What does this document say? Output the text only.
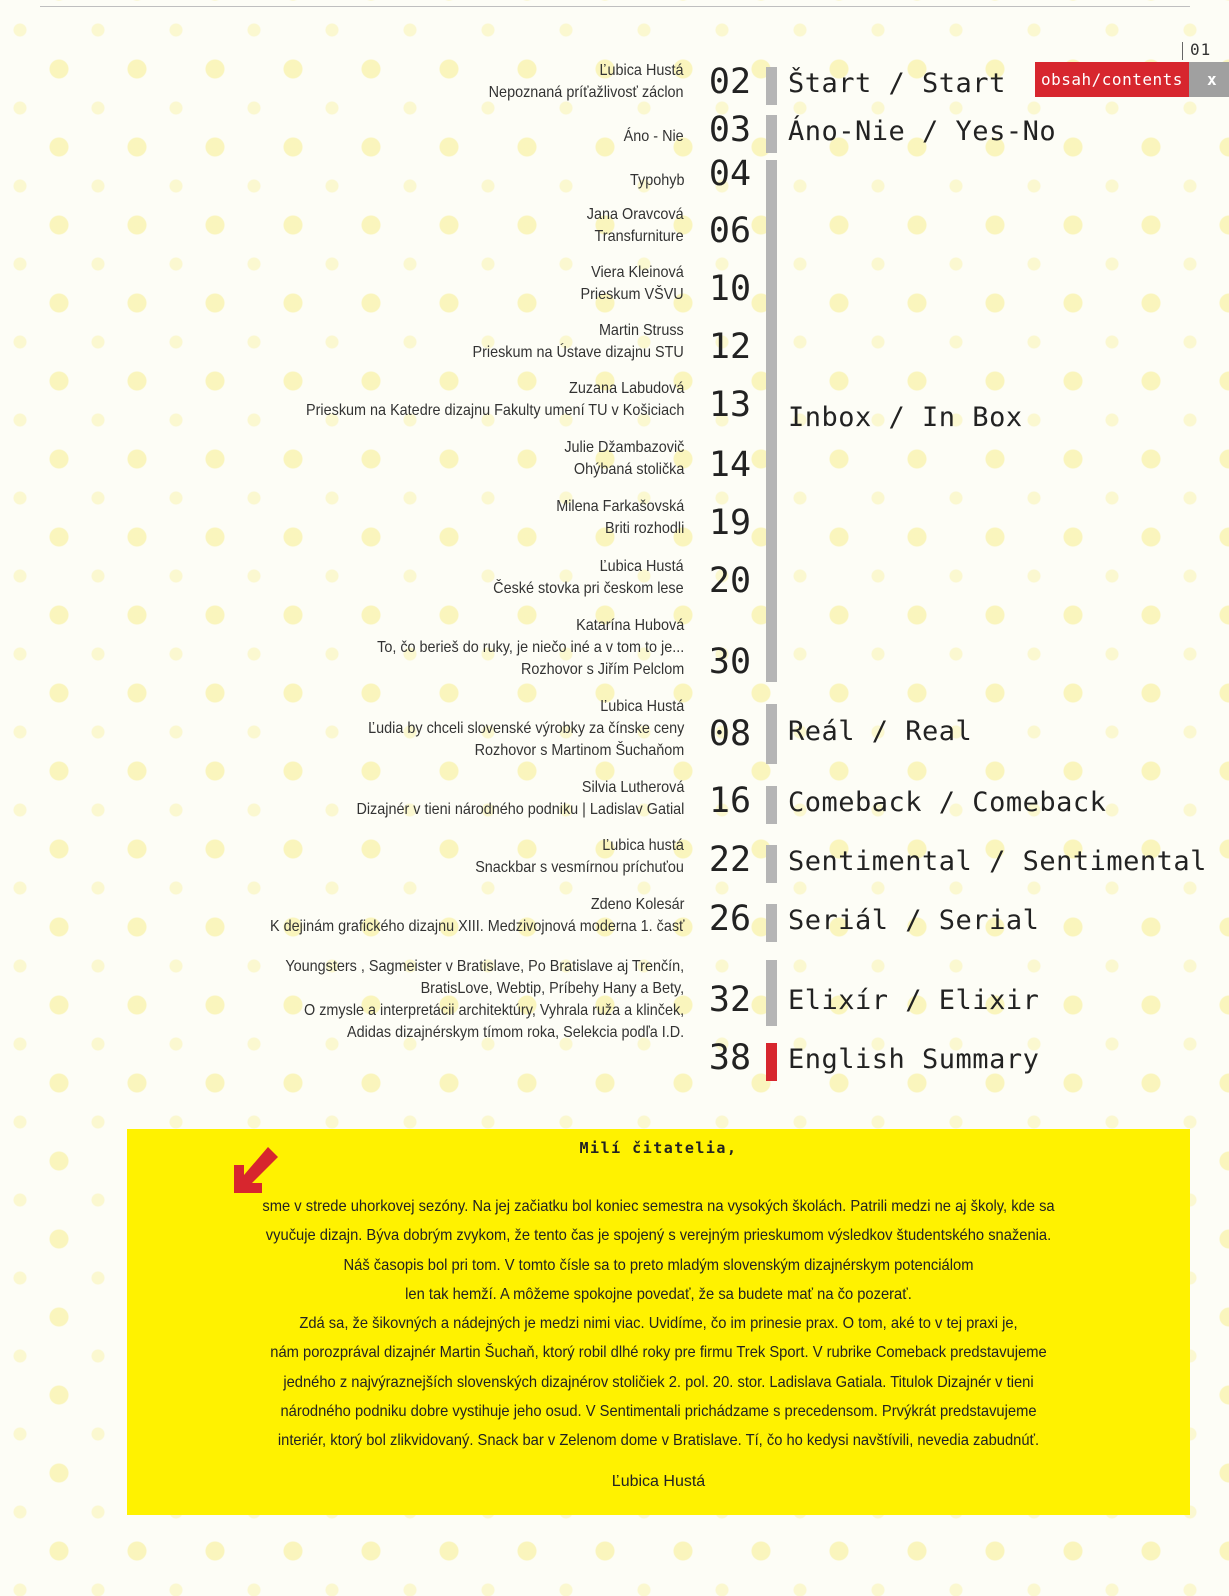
01
obsah/contents	x
Ľubica Hustá
Nepoznaná príťažlivosť záclon 02 Štart / Start
Áno - Nie 03 Áno-Nie / Yes-No
Typohyb 04
Jana Oravcová
Transfurniture 06
Viera Kleinová
Prieskum VŠVU 10
Martin Struss
Prieskum na Ústave dizajnu STU 12
Zuzana Labudová
Prieskum na Katedre dizajnu Fakulty umení TU v Košiciach 13 Inbox / In Box
Julie Džambazovič
Ohýbaná stolička 14
Milena Farkašovská
Briti rozhodli 19
Ľubica Hustá
České stovka pri českom lese 20
Katarína Hubová
To, čo berieš do ruky, je niečo iné a v tom to je...
Rozhovor s Jiřím Pelclom 30
Ľubica Hustá
Ľudia by chceli slovenské výrobky za čínske ceny
Rozhovor s Martinom Šuchaňom 08 Reál / Real
Silvia Lutherová
Dizajnér v tieni národného podniku | Ladislav Gatial 16 Comeback / Comeback
Ľubica hustá
Snackbar s vesmírnou príchuťou 22 Sentimental / Sentimental
Zdeno Kolesár
K dejinám grafického dizajnu XIII. Medzivojnová moderna 1. časť 26 Seriál / Serial
Youngsters , Sagmeister v Bratislave, Po Bratislave aj Trenčín,
BratisLove, Webtip, Príbehy Hany a Bety,
O zmysle a interpretácii architektúry, Vyhrala ruža a klinček,
Adidas dizajnérskym tímom roka, Selekcia podľa I.D.
32 Elixír / Elixir
38 English Summary
Milí čitatelia,

sme v strede uhorkovej sezóny. Na jej začiatku bol koniec semestra na vysokých školách. Patrili medzi ne aj školy, kde sa

vyučuje dizajn. Býva dobrým zvykom, že tento čas je spojený s verejným prieskumom výsledkov študentského snaženia.

Náš časopis bol pri tom. V tomto čísle sa to preto mladým slovenským dizajnérskym potenciálom

len tak hemží. A môžeme spokojne povedať, že sa budete mať na čo pozerať.

Zdá sa, že šikovných a nádejných je medzi nimi viac. Uvidíme, čo im prinesie prax. O tom, aké to v tej praxi je,

nám porozprával dizajnér Martin Šuchaň, ktorý robil dlhé roky pre firmu Trek Sport. V rubrike Comeback predstavujeme

jedného z najvýraznejších slovenských dizajnérov stoličiek 2. pol. 20. stor. Ladislava Gatiala. Titulok Dizajnér v tieni

národného podniku dobre vystihuje jeho osud. V Sentimentali prichádzame s precedensom. Prvýkrát predstavujeme

interiér, ktorý bol zlikvidovaný. Snack bar v Zelenom dome v Bratislave. Tí, čo ho kedysi navštívili, nevedia zabudnúť.

Ľubica Hustá
